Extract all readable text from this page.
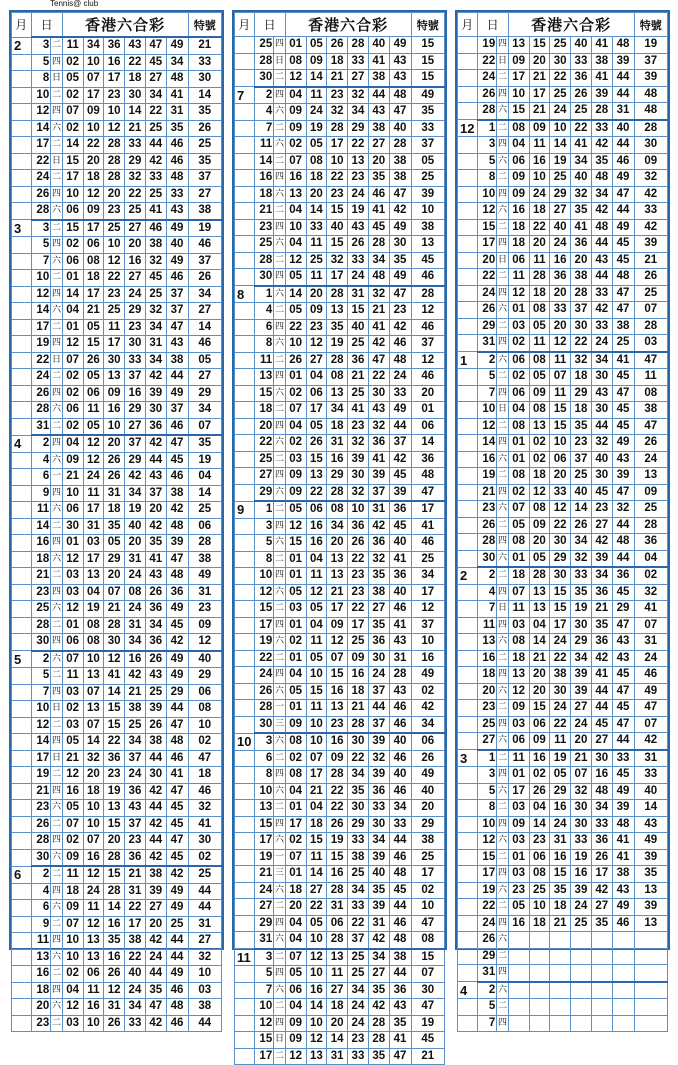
Tennis@ club
月	日		香港六合彩						特號
2	3	二	11	34	36	43	47	49	21
	5	四	02	10	16	22	45	34	33
	8	日	05	07	17	18	27	48	30
	10	二	02	17	23	30	34	41	14
	12	四	07	09	10	14	22	31	35
	14	六	02	10	12	21	25	35	26
	17	二	14	22	28	33	44	46	25
	22	日	15	20	28	29	42	46	35
	24	二	17	18	28	32	33	48	37
	26	四	10	12	20	22	25	33	27
	28	六	06	09	23	25	41	43	38
3	3	二	15	17	25	27	46	49	19
	5	四	02	06	10	20	38	40	46
	7	六	06	08	12	16	32	49	37
	10	二	01	18	22	27	45	46	26
	12	四	14	17	23	24	25	37	34
	14	六	04	21	25	29	32	37	27
	17	二	01	05	11	23	34	47	14
	19	四	12	15	17	30	31	43	46
	22	日	07	26	30	33	34	38	05
	24	二	02	05	13	37	42	44	27
	26	四	02	06	09	16	39	49	29
	28	六	06	11	16	29	30	37	34
	31	二	02	05	10	27	36	46	07
4	2	四	04	12	20	37	42	47	35
	4	六	09	12	26	29	44	45	19
	6	一	21	24	26	42	43	46	04
	9	四	10	11	31	34	37	38	14
	11	六	06	17	18	19	20	42	25
	14	二	30	31	35	40	42	48	06
	16	四	01	03	05	20	35	39	28
	18	六	12	17	29	31	41	47	38
	21	二	03	13	20	24	43	48	49
	23	四	03	04	07	08	26	36	31
	25	六	12	19	21	24	36	49	23
	28	二	01	08	28	31	34	45	09
	30	四	06	08	30	34	36	42	12
5	2	六	07	10	12	16	26	49	40
	5	二	11	13	41	42	43	49	29
	7	四	03	07	14	21	25	29	06
	10	日	02	13	15	38	39	44	08
	12	二	03	07	15	25	26	47	10
	14	四	05	14	22	34	38	48	02
	17	日	21	32	36	37	44	46	47
	19	二	12	20	23	24	30	41	18
	21	四	16	18	19	36	42	47	46
	23	六	05	10	13	43	44	45	32
	26	二	07	10	15	37	42	45	41
	28	四	02	07	20	23	44	47	30
	30	六	09	16	28	36	42	45	02
6	2	二	11	12	15	21	38	42	25
	4	四	18	24	28	31	39	49	44
	6	六	09	11	14	22	27	49	44
	9	二	07	12	16	17	20	25	31
	11	四	10	13	35	38	42	44	27
	13	六	10	13	16	22	24	44	32
	16	二	02	06	26	40	44	49	10
	18	四	04	11	12	24	35	46	03
	20	六	12	16	31	34	47	48	38
	23	二	03	10	26	33	42	46	44
月	日		香港六合彩						特號
	25	四	01	05	26	28	40	49	15
	28	日	08	09	18	33	41	43	15
	30	二	12	14	21	27	38	43	15
7	2	四	04	11	23	32	44	48	49
	4	六	09	24	32	34	43	47	35
	7	二	09	19	28	29	38	40	33
	11	六	02	05	17	22	27	28	37
	14	二	07	08	10	13	20	38	05
	16	四	16	18	22	23	35	38	25
	18	六	13	20	23	24	46	47	39
	21	二	04	14	15	19	41	42	10
	23	四	10	33	40	43	45	49	38
	25	六	04	11	15	26	28	30	13
	28	二	12	25	32	33	34	35	45
	30	四	05	11	17	24	48	49	46
8	1	六	14	20	28	31	32	47	28
	4	二	05	09	13	15	21	23	12
	6	四	22	23	35	40	41	42	46
	8	六	10	12	19	25	42	46	37
	11	二	26	27	28	36	47	48	12
	13	四	01	04	08	21	22	24	46
	15	六	02	06	13	25	30	33	20
	18	二	07	17	34	41	43	49	01
	20	四	04	05	18	23	32	44	06
	22	六	02	26	31	32	36	37	14
	25	二	03	15	16	39	41	42	36
	27	四	09	13	29	30	39	45	48
	29	六	09	22	28	32	37	39	47
9	1	二	05	06	08	10	31	36	17
	3	四	12	16	34	36	42	45	41
	5	六	15	16	20	26	36	40	46
	8	二	01	04	13	22	32	41	25
	10	四	01	11	13	23	35	36	34
	12	六	05	12	21	23	38	40	17
	15	二	03	05	17	22	27	46	12
	17	四	01	04	09	17	35	41	37
	19	六	02	11	12	25	36	43	10
	22	二	01	05	07	09	30	31	16
	24	四	04	10	15	16	24	28	49
	26	六	05	15	16	18	37	43	02
	28	一	01	11	13	21	44	46	42
	30	三	09	10	23	28	37	46	34
10	3	六	08	10	16	30	39	40	06
	6	二	02	07	09	22	32	46	26
	8	四	08	17	28	34	39	40	49
	10	六	04	21	22	35	36	46	40
	13	二	01	04	22	30	33	34	20
	15	四	17	18	26	29	30	33	29
	17	六	02	15	19	33	34	44	38
	19	一	07	11	15	38	39	46	25
	21	三	01	14	16	25	40	48	17
	24	六	18	27	28	34	35	45	02
	27	二	20	22	31	33	39	44	10
	29	四	04	05	06	22	31	46	47
	31	六	04	10	28	37	42	48	08
11	3	二	07	12	13	25	34	38	15
	5	四	05	10	11	25	27	44	07
	7	六	06	16	27	34	35	36	30
	10	二	04	14	18	24	42	43	47
	12	四	09	10	20	24	28	35	19
	15	日	09	12	14	23	28	41	45
	17	二	12	13	31	33	35	47	21
月	日		香港六合彩						特號
	19	四	13	15	25	40	41	48	19
	22	日	09	20	30	33	38	39	37
	24	二	17	21	22	36	41	44	39
	26	四	10	17	25	26	39	44	48
	28	六	15	21	24	25	28	31	48
12	1	二	08	09	10	22	33	40	28
	3	四	04	11	14	41	42	44	30
	5	六	06	16	19	34	35	46	09
	8	二	09	10	25	40	48	49	32
	10	四	09	24	29	32	34	47	42
	12	六	16	18	27	35	42	44	33
	15	二	18	22	40	41	48	49	42
	17	四	18	20	24	36	44	45	39
	20	日	06	11	16	20	43	45	21
	22	二	11	28	36	38	44	48	26
	24	四	12	18	20	28	33	47	25
	26	六	01	08	33	37	42	47	07
	29	二	03	05	20	30	33	38	28
	31	四	02	11	12	22	24	25	03
1	2	六	06	08	11	32	34	41	47
	5	二	02	05	07	18	30	45	11
	7	四	06	09	11	29	43	47	08
	10	日	04	08	15	18	30	45	38
	12	二	08	13	15	35	44	45	47
	14	四	01	02	10	23	32	49	26
	16	六	01	02	06	37	40	43	24
	19	二	08	18	20	25	30	39	13
	21	四	02	12	33	40	45	47	09
	23	六	07	08	12	14	23	32	25
	26	二	05	09	22	26	27	44	28
	28	四	08	20	30	34	42	48	36
	30	六	01	05	29	32	39	44	04
2	2	二	18	28	30	33	34	36	02
	4	四	07	13	15	35	36	45	32
	7	日	11	13	15	19	21	29	41
	11	四	03	04	17	30	35	47	07
	13	六	08	14	24	29	36	43	31
	16	二	18	21	22	34	42	43	24
	18	四	13	20	38	39	41	45	46
	20	六	12	20	30	39	44	47	49
	23	二	09	15	24	27	44	45	47
	25	四	03	06	22	24	45	47	07
	27	六	06	09	11	20	27	44	42
3	1	二	11	16	19	21	30	33	31
	3	四	01	02	05	07	16	45	33
	5	六	17	26	29	32	48	49	40
	8	二	03	04	16	30	34	39	14
	10	四	09	14	24	30	33	48	43
	12	六	03	23	31	33	36	41	49
	15	二	01	06	16	19	26	41	39
	17	四	03	08	15	16	17	38	35
	19	六	23	25	35	39	42	43	13
	22	二	05	10	18	24	27	49	39
	24	四	16	18	21	25	35	46	13
	26	六							
	29	二							
	31	四							
4	2	六							
	5	二							
	7	四							
